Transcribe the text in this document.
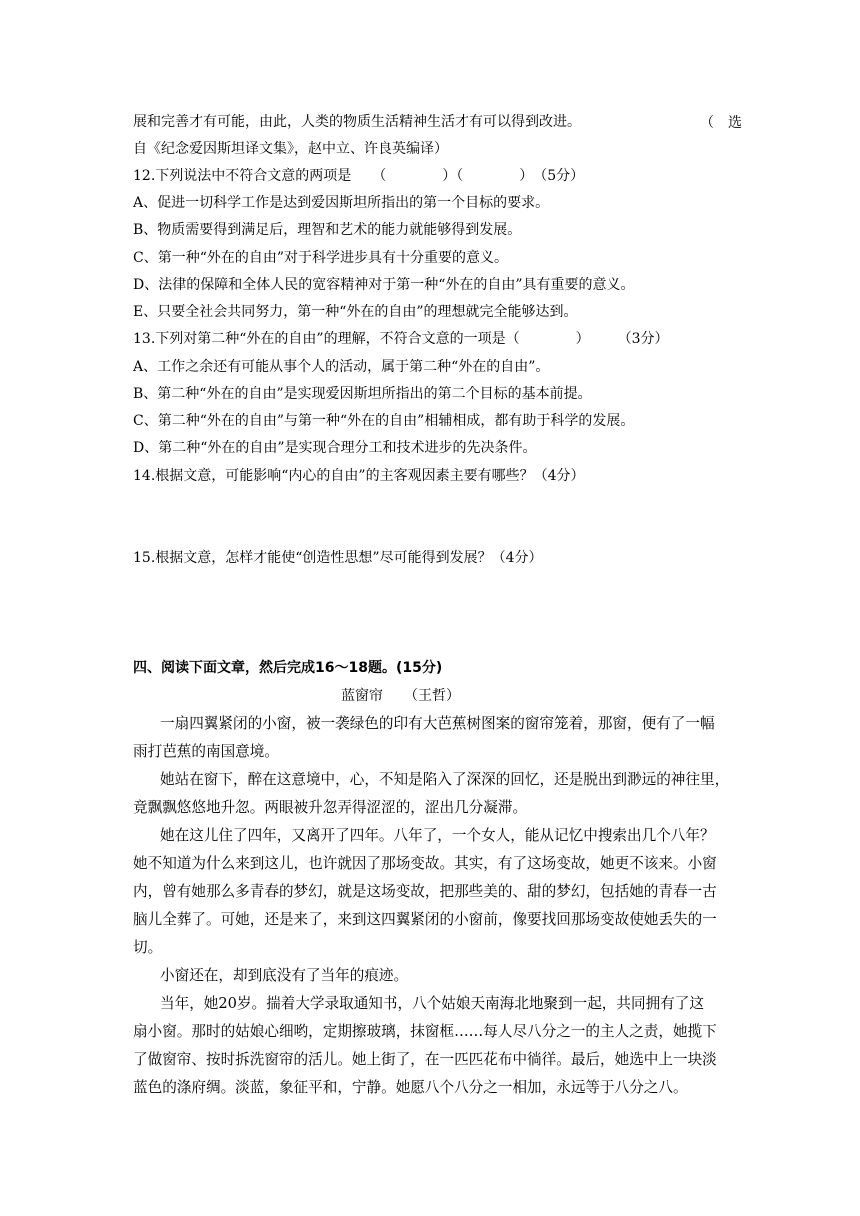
展和完善才有可能，由此，人类的物质生活精神生活才有可以得到改进。	（　选
自《纪念爱因斯坦译文集》，赵中立、许良英编译）
12.下列说法中不符合文意的两项是　　（　　　　）（　　　　）　（5分）
A、促进一切科学工作是达到爱因斯坦所指出的第一个目标的要求。
B、物质需要得到满足后，理智和艺术的能力就能够得到发展。
C、第一种“外在的自由”对于科学进步具有十分重要的意义。
D、法律的保障和全体人民的宽容精神对于第一种“外在的自由”具有重要的意义。
E、只要全社会共同努力，第一种“外在的自由”的理想就完全能够达到。
13.下列对第二种“外在的自由”的理解，不符合文意的一项是（　　　　）　　　（3分）
A、工作之余还有可能从事个人的活动，属于第二种“外在的自由”。
B、第二种“外在的自由”是实现爱因斯坦所指出的第二个目标的基本前提。
C、第二种“外在的自由”与第一种“外在的自由”相辅相成，都有助于科学的发展。
D、第二种“外在的自由”是实现合理分工和技术进步的先决条件。
14.根据文意，可能影响“内心的自由”的主客观因素主要有哪些？（4分）
15.根据文意，怎样才能使“创造性思想”尽可能得到发展？（4分）
四、阅读下面文章，然后完成16～18题。(15分)
蓝窗帘　　（王哲）
一扇四翼紧闭的小窗，被一袭绿色的印有大芭蕉树图案的窗帘笼着，那窗，便有了一幅
雨打芭蕉的南国意境。
她站在窗下，醉在这意境中，心，不知是陷入了深深的回忆，还是脱出到渺远的神往里，
竟飘飘悠悠地升忽。两眼被升忽弄得涩涩的，涩出几分凝滞。
她在这儿住了四年，又离开了四年。八年了，一个女人，能从记忆中搜索出几个八年？
她不知道为什么来到这儿，也许就因了那场变故。其实，有了这场变故，她更不该来。小窗
内，曾有她那么多青春的梦幻，就是这场变故，把那些美的、甜的梦幻，包括她的青春一古
脑儿全葬了。可她，还是来了，来到这四翼紧闭的小窗前，像要找回那场变故使她丢失的一
切。
小窗还在，却到底没有了当年的痕迹。
当年，她20岁。揣着大学录取通知书，八个姑娘天南海北地聚到一起，共同拥有了这
扇小窗。那时的姑娘心细哟，定期擦玻璃，抹窗框……每人尽八分之一的主人之责，她揽下
了做窗帘、按时拆洗窗帘的活儿。她上街了，在一匹匹花布中徜徉。最后，她选中上一块淡
蓝色的涤府绸。淡蓝，象征平和，宁静。她愿八个八分之一相加，永远等于八分之八。
